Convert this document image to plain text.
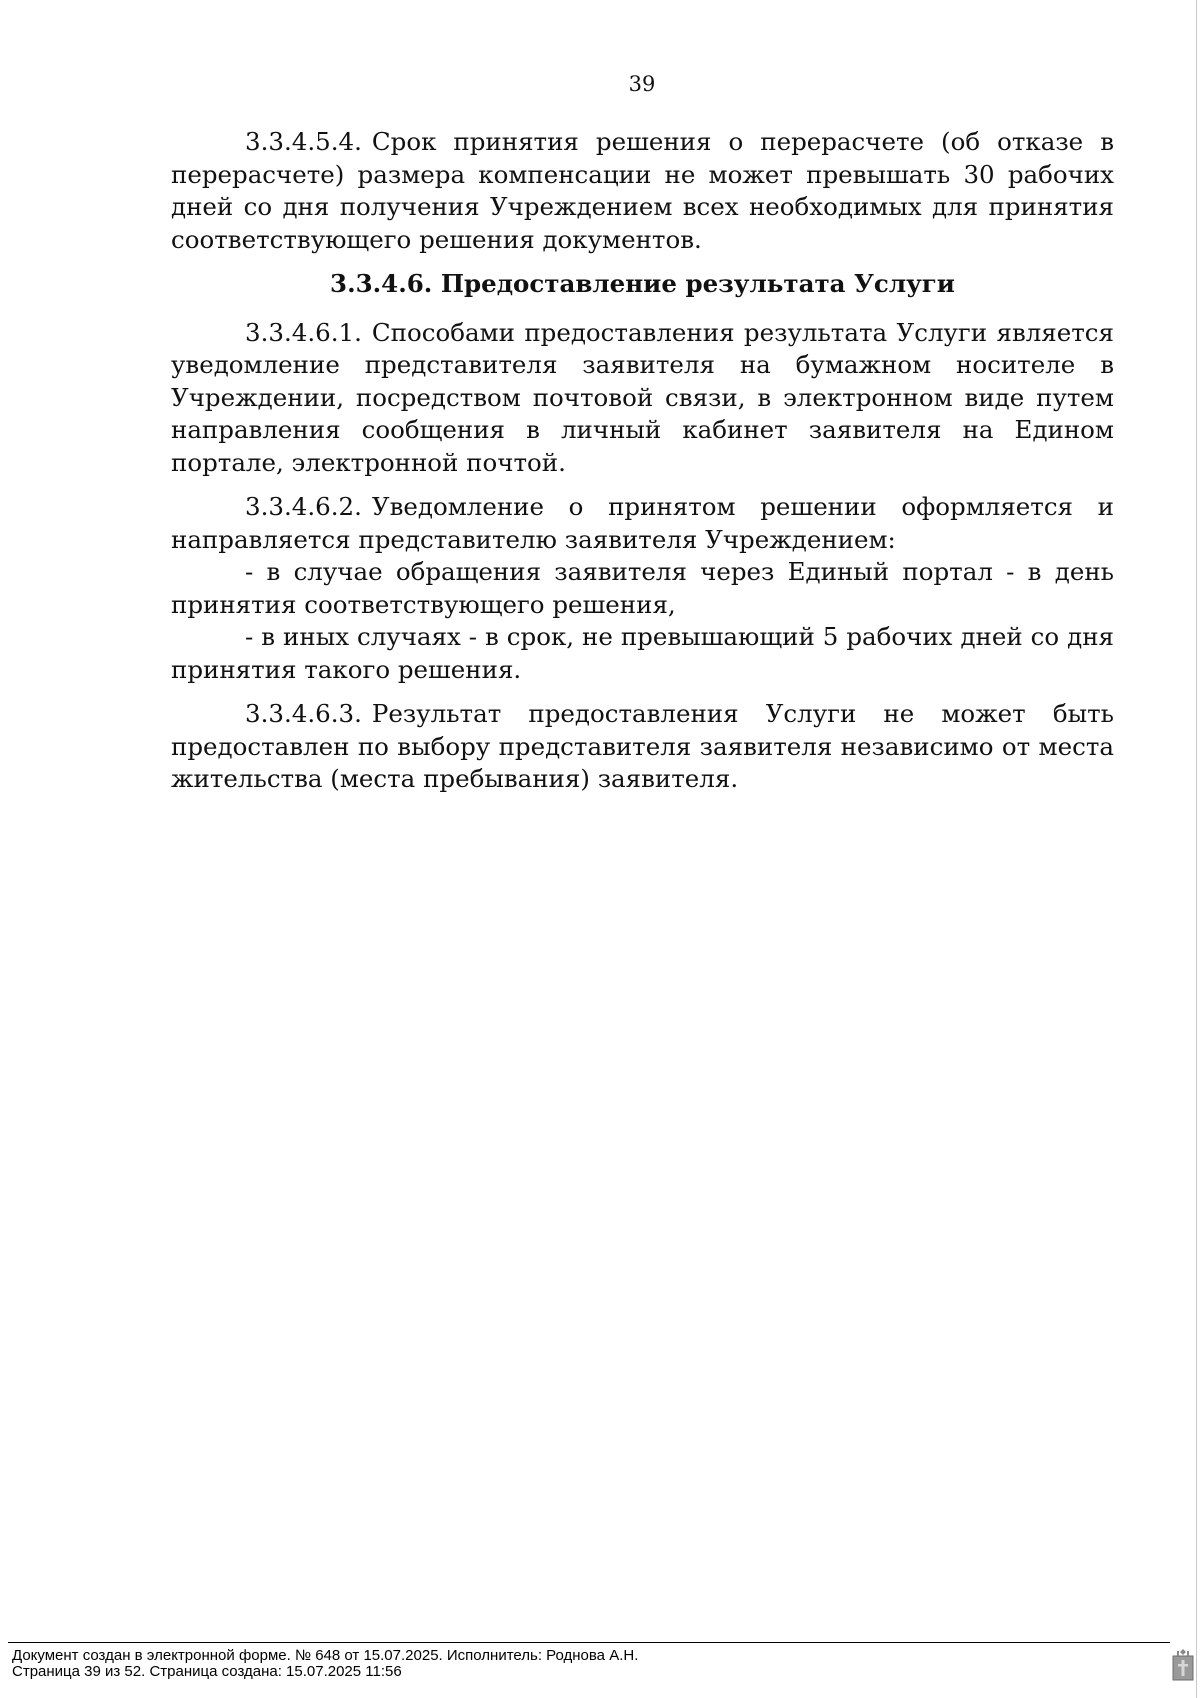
39

3.3.4.5.4. Срок принятия решения о перерасчете (об отказе в перерасчете) размера компенсации не может превышать 30 рабочих дней со дня получения Учреждением всех необходимых для принятия соответствующего решения документов.

3.3.4.6. Предоставление результата Услуги

3.3.4.6.1. Способами предоставления результата Услуги является уведомление представителя заявителя на бумажном носителе в Учреждении, посредством почтовой связи, в электронном виде путем направления сообщения в личный кабинет заявителя на Едином портале, электронной почтой.

3.3.4.6.2. Уведомление о принятом решении оформляется и направляется представителю заявителя Учреждением:

- в случае обращения заявителя через Единый портал - в день принятия соответствующего решения,

- в иных случаях - в срок, не превышающий 5 рабочих дней со дня принятия такого решения.

3.3.4.6.3. Результат предоставления Услуги не может быть предоставлен по выбору представителя заявителя независимо от места жительства (места пребывания) заявителя.

Документ создан в электронной форме. № 648 от 15.07.2025. Исполнитель: Роднова А.Н.
Страница 39 из 52. Страница создана: 15.07.2025 11:56
